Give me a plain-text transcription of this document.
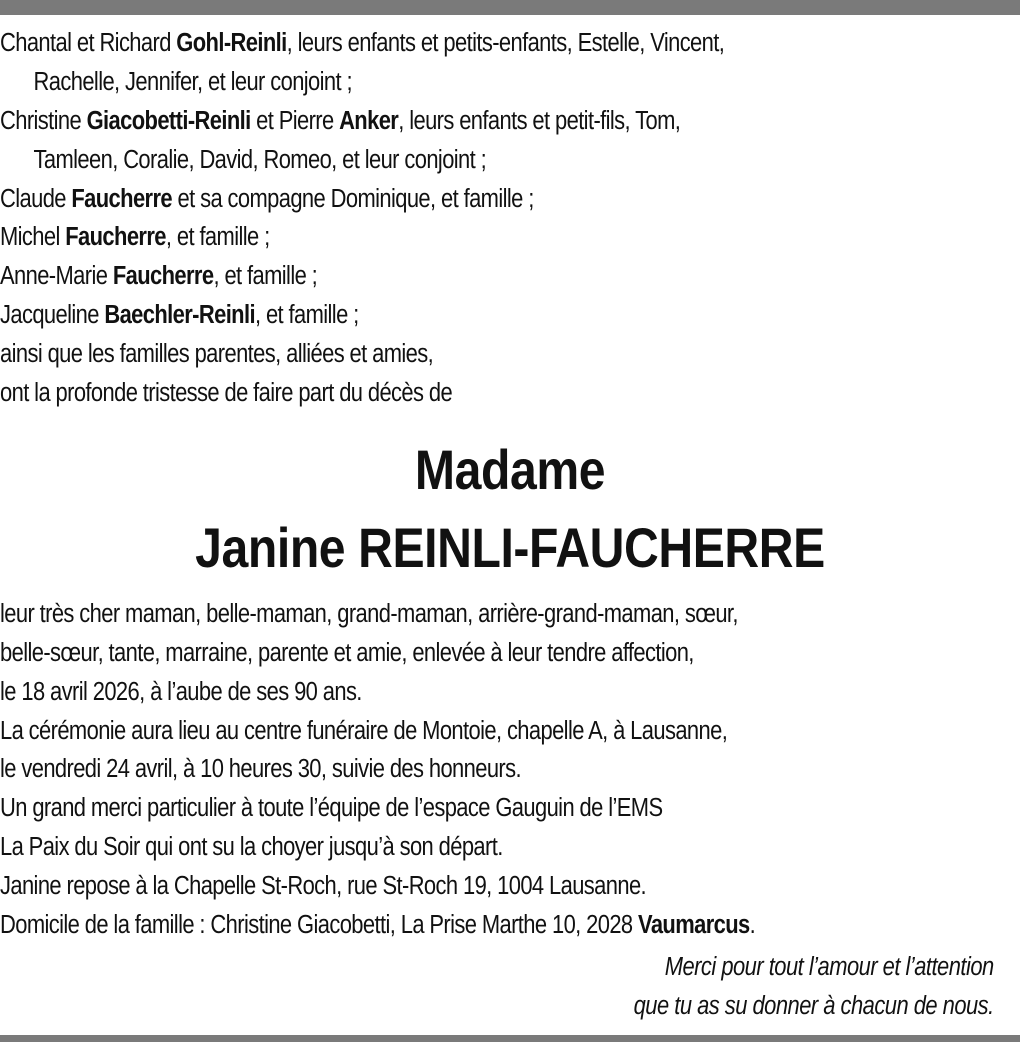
Chantal et Richard Gohl-Reinli, leurs enfants et petits-enfants, Estelle, Vincent,
Rachelle, Jennifer, et leur conjoint ;
Christine Giacobetti-Reinli et Pierre Anker, leurs enfants et petit-fils, Tom,
Tamleen, Coralie, David, Romeo, et leur conjoint ;
Claude Faucherre et sa compagne Dominique, et famille ;
Michel Faucherre, et famille ;
Anne-Marie Faucherre, et famille ;
Jacqueline Baechler-Reinli, et famille ;
ainsi que les familles parentes, alliées et amies,
ont la profonde tristesse de faire part du décès de
Madame
Janine REINLI-FAUCHERRE
leur très cher maman, belle-maman, grand-maman, arrière-grand-maman, sœur,
belle-sœur, tante, marraine, parente et amie, enlevée à leur tendre affection,
le 18 avril 2026, à l’aube de ses 90 ans.
La cérémonie aura lieu au centre funéraire de Montoie, chapelle A, à Lausanne,
le vendredi 24 avril, à 10 heures 30, suivie des honneurs.
Un grand merci particulier à toute l’équipe de l’espace Gauguin de l’EMS
La Paix du Soir qui ont su la choyer jusqu’à son départ.
Janine repose à la Chapelle St-Roch, rue St-Roch 19, 1004 Lausanne.
Domicile de la famille : Christine Giacobetti, La Prise Marthe 10, 2028 Vaumarcus.
Merci pour tout l’amour et l’attention
que tu as su donner à chacun de nous.
